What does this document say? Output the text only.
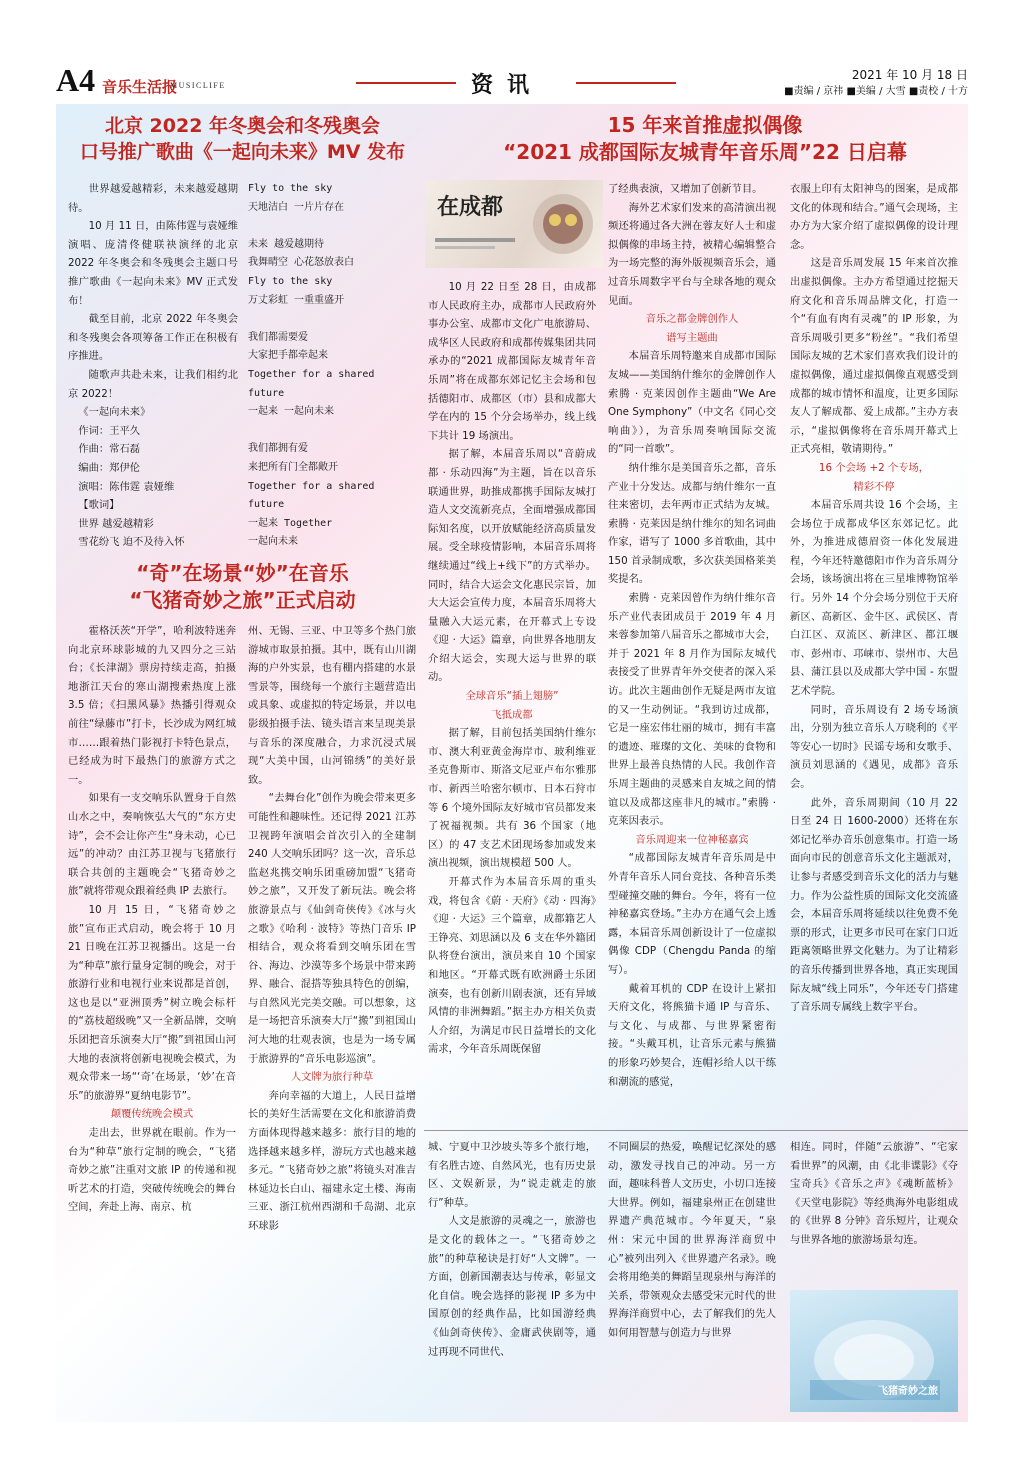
A4 音乐生活报
MUSICLIFE	资讯	2021 年 10 月 18 日
■责编 / 京祎 ■美编 / 大雪 ■责校 / 十方
北京 2022 年冬奥会和冬残奥会
口号推广歌曲《一起向未来》MV 发布

世界越爱越精彩，未来越爱越期待。

10 月 11 日，由陈伟霆与袁娅维演唱、庞清佟健联袂演绎的北京 2022 年冬奥会和冬残奥会主题口号推广歌曲《一起向未来》MV 正式发布！

截至目前，北京 2022 年冬奥会和冬残奥会各项筹备工作正在积极有序推进。

随歌声共赴未来，让我们相约北京 2022！

《一起向未来》

作词：王平久

作曲：常石磊

编曲：郑伊伦

演唱：陈伟霆 袁娅维

【歌词】

世界 越爱越精彩

雪花纷飞 迫不及待入怀

Fly to the sky

天地洁白 一片片存在

未来 越爱越期待

我舞晴空 心花怒放表白

Fly to the sky

万丈彩虹 一重重盛开

我们都需要爱

大家把手都牵起来

Together for a shared

future

一起来 一起向未来

我们都拥有爱

来把所有门全都敞开

Together for a shared

future

一起来 Together

一起向未来

“奇”在场景“妙”在音乐
“飞猪奇妙之旅”正式启动

霍格沃茨“开学”，哈利波特迷奔向北京环球影城的九又四分之三站台；《长津湖》票房持续走高，拍摄地浙江天台的寒山湖搜索热度上涨 3.5 倍；《扫黑风暴》热播引得观众前往“绿藤市”打卡，长沙成为网红城市……跟着热门影视打卡特色景点，已经成为时下最热门的旅游方式之一。

如果有一支交响乐队置身于自然山水之中，奏响恢弘大气的“东方史诗”，会不会让你产生“身未动，心已远”的冲动？由江苏卫视与飞猪旅行联合共创的主题晚会“飞猪奇妙之旅”就将带观众跟着经典 IP 去旅行。

10 月 15 日，“飞猪奇妙之旅”宣布正式启动，晚会将于 10 月 21 日晚在江苏卫视播出。这是一台为“种草”旅行量身定制的晚会，对于旅游行业和电视行业来说都是首创，这也是以“亚洲顶秀”树立晚会标杆的“荔枝超级晚”又一全新品牌，交响乐团把音乐演奏大厅“搬”到祖国山河大地的表演将创新电视晚会模式，为观众带来一场“‘奇’在场景，‘妙’在音乐”的旅游界“夏纳电影节”。

颠覆传统晚会模式

走出去，世界就在眼前。作为一台为“种草”旅行定制的晚会，“飞猪奇妙之旅”注重对文旅 IP 的传递和视听艺术的打造，突破传统晚会的舞台空间，奔赴上海、南京、杭

州、无锡、三亚、中卫等多个热门旅游城市取景拍摄。其中，既有山川湖海的户外实景，也有棚内搭建的水景雪景等，围绕每一个旅行主题营造出或具象、或虚拟的特定场景，并以电影级拍摄手法、镜头语言来呈现美景与音乐的深度融合，力求沉浸式展现“大美中国，山河锦绣”的美好景致。

“去舞台化”创作为晚会带来更多可能性和趣味性。还记得 2021 江苏卫视跨年演唱会首次引入的全建制 240 人交响乐团吗？这一次，音乐总监赵兆携交响乐团重磅加盟“飞猪奇妙之旅”，又开发了新玩法。晚会将旅游景点与《仙剑奇侠传》《冰与火之歌》《哈利 · 波特》等热门音乐 IP 相结合，观众将看到交响乐团在雪谷、海边、沙漠等多个场景中带来跨界、融合、混搭等独具特色的创编，与自然风光完美交融。可以想象，这是一场把音乐演奏大厅“搬”到祖国山河大地的壮观表演，也是为一场专属于旅游界的“音乐电影巡演”。

人文牌为旅行种草

奔向幸福的大道上，人民日益增长的美好生活需要在文化和旅游消费方面体现得越来越多：旅行目的地的选择越来越多样，游玩方式也越来越多元。“飞猪奇妙之旅”将镜头对准吉林延边长白山、福建永定土楼、海南三亚、浙江杭州西湖和千岛湖、北京环球影

城、宁夏中卫沙坡头等多个旅行地，有名胜古迹、自然风光，也有历史景区、文娱新景，为“说走就走的旅行”种草。

人文是旅游的灵魂之一，旅游也是文化的载体之一。“飞猪奇妙之旅”的种草秘诀是打好“人文牌”。一方面，创新国潮表达与传承，彰显文化自信。晚会选择的影视 IP 多为中国原创的经典作品，比如国游经典《仙剑奇侠传》、金庸武侠剧等，通过再现不同世代、

不同圈层的热爱，唤醒记忆深处的感动，激发寻找自己的冲动。另一方面，趣味科普人文历史，小切口连接大世界。例如，福建泉州正在创建世界遗产典范城市。今年夏天，“泉州：宋元中国的世界海洋商贸中心”被列出列入《世界遗产名录》。晚会将用绝美的舞蹈呈现泉州与海洋的关系，带领观众去感受宋元时代的世界海洋商贸中心，去了解我们的先人如何用智慧与创造力与世界

相连。同时，伴随“云旅游”、“宅家看世界”的风潮，由《北非谍影》《夺宝奇兵》《音乐之声》《魂断蓝桥》《天堂电影院》等经典海外电影组成的《世界 8 分钟》音乐短片，让观众与世界各地的旅游场景勾连。

15 年来首推虚拟偶像
“2021 成都国际友城青年音乐周”22 日启幕
在成都

10 月 22 日至 28 日，由成都市人民政府主办，成都市人民政府外事办公室、成都市文化广电旅游局、成华区人民政府和成都传媒集团共同承办的“2021 成都国际友城青年音乐周”将在成都东郊记忆主会场和包括德阳市、成都区（市）县和成都大学在内的 15 个分会场举办，线上线下共计 19 场演出。

据了解，本届音乐周以“音蔚成都 · 乐动四海”为主题，旨在以音乐联通世界，助推成都携手国际友城打造人文交流新亮点，全面增强成都国际知名度，以开放赋能经济高质量发展。受全球疫情影响，本届音乐周将继续通过“线上+线下”的方式举办。同时，结合大运会文化惠民宗旨，加大大运会宣传力度，本届音乐周将大量融入大运元素，在开幕式上专设《迎 · 大运》篇章，向世界各地朋友介绍大运会，实现大运与世界的联动。

全球音乐“插上翅膀”

飞抵成都

据了解，目前包括美国纳什维尔市、澳大利亚黄金海岸市、玻利维亚圣克鲁斯市、斯洛文尼亚卢布尔雅那市、新西兰哈密尔顿市、日本石狩市等 6 个境外国际友好城市官员都发来了祝福视频。共有 36 个国家（地区）的 47 支艺术团现场参加或发来演出视频，演出规模超 500 人。

开幕式作为本届音乐周的重头戏，将包含《蔚 · 天府》《动 · 四海》《迎 · 大运》三个篇章，成都籍艺人王铮亮、刘思涵以及 6 支在华外籍团队将登台演出，演员来自 10 个国家和地区。“开幕式既有欧洲爵士乐团演奏，也有创新川剧表演，还有异域风情的非洲舞蹈。”据主办方相关负责人介绍，为满足市民日益增长的文化需求，今年音乐周既保留

了经典表演，又增加了创新节目。

海外艺术家们发来的高清演出视频还将通过各大洲在蓉友好人士和虚拟偶像的串场主持，被精心编辑整合为一场完整的海外版视频音乐会，通过音乐周数字平台与全球各地的观众见面。

音乐之都金牌创作人

谱写主题曲

本届音乐周特邀来自成都市国际友城——美国纳什维尔的金牌创作人索腾 · 克莱因创作主题曲“We Are One Symphony”（中文名《同心交响曲》），为音乐周奏响国际交流的“同一首歌”。

纳什维尔是美国音乐之都，音乐产业十分发达。成都与纳什维尔一直往来密切，去年两市正式结为友城。索腾 · 克莱因是纳什维尔的知名词曲作家，谱写了 1000 多首歌曲，其中 150 首录制成歌，多次获美国格莱美奖提名。

索腾 · 克莱因曾作为纳什维尔音乐产业代表团成员于 2019 年 4 月来蓉参加第八届音乐之都城市大会，并于 2021 年 8 月作为国际友城代表接受了世界青年外交使者的深入采访。此次主题曲创作无疑是两市友谊的又一生动例证。“我到访过成都，它是一座宏伟壮丽的城市，拥有丰富的遗迹、璀璨的文化、美味的食物和世界上最善良热情的人民。我创作音乐周主题曲的灵感来自友城之间的情谊以及成都这座非凡的城市。”索腾 · 克莱因表示。

音乐周迎来一位神秘嘉宾

“成都国际友城青年音乐周是中外青年音乐人同台竞技、各种音乐类型碰撞交融的舞台。今年，将有一位神秘嘉宾登场。”主办方在通气会上透露，本届音乐周创新设计了一位虚拟偶像 CDP（Chengdu Panda 的缩写）。

戴着耳机的 CDP 在设计上紧扣天府文化，将熊猫卡通 IP 与音乐、与文化、与成都、与世界紧密衔接。“头戴耳机，让音乐元素与熊猫的形象巧妙契合，连帽衫给人以干练和潮流的感觉，

衣服上印有太阳神鸟的图案，是成都文化的体现和结合。”通气会现场，主办方为大家介绍了虚拟偶像的设计理念。

这是音乐周发展 15 年来首次推出虚拟偶像。主办方希望通过挖掘天府文化和音乐周品牌文化，打造一个“有血有肉有灵魂”的 IP 形象，为音乐周吸引更多“粉丝”。“我们希望国际友城的艺术家们喜欢我们设计的虚拟偶像，通过虚拟偶像直观感受到成都的城市情怀和温度，让更多国际友人了解成都、爱上成都。”主办方表示，“虚拟偶像将在音乐周开幕式上正式亮相，敬请期待。”

16 个会场 +2 个专场，

精彩不停

本届音乐周共设 16 个会场，主会场位于成都成华区东郊记忆。此外，为推进成德眉资一体化发展进程，今年还特邀德阳市作为音乐周分会场，该场演出将在三星堆博物馆举行。另外 14 个分会场分别位于天府新区、高新区、金牛区、武侯区、青白江区、双流区、新津区、都江堰市、彭州市、邛崃市、崇州市、大邑县、蒲江县以及成都大学中国 - 东盟艺术学院。

同时，音乐周设有 2 场专场演出，分别为独立音乐人万晓利的《平等安心一切时》民谣专场和女歌手、演员刘思涵的《遇见，成都》音乐会。

此外，音乐周期间（10 月 22 日至 24 日 1600-2000）还将在东郊记忆举办音乐创意集市。打造一场面向市民的创意音乐文化主题派对，让参与者感受到音乐文化的活力与魅力。作为公益性质的国际文化交流盛会，本届音乐周将延续以往免费不免票的形式，让更多市民可在家门口近距离领略世界文化魅力。为了让精彩的音乐传播到世界各地，真正实现国际友城“线上同乐”，今年还专门搭建了音乐周专属线上数字平台。

飞猪奇妙之旅
